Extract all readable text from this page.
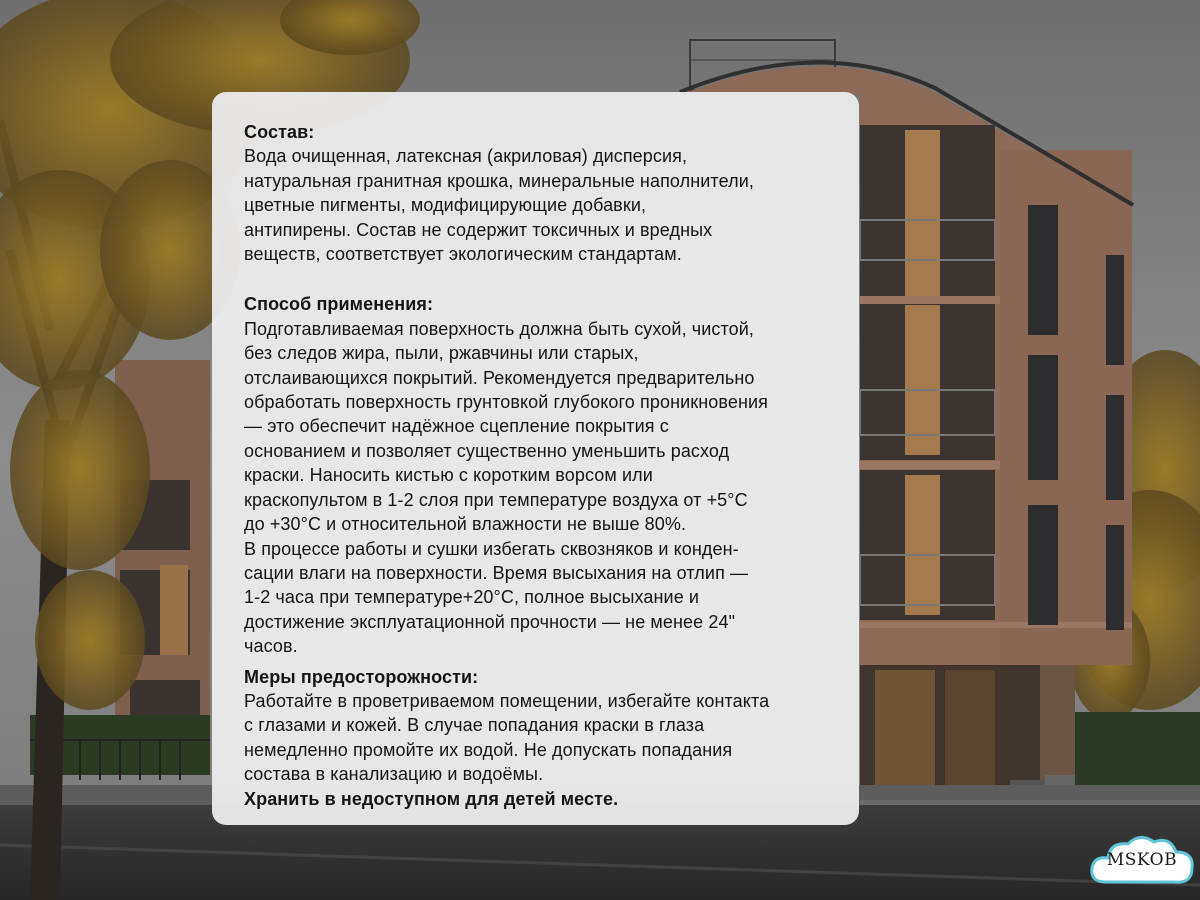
Состав:
Вода очищенная, латексная (акриловая) дисперсия,
натуральная гранитная крошка, минеральные наполнители,
цветные пигменты, модифицирующие добавки,
антипирены. Состав не содержит токсичных и вредных
веществ, соответствует экологическим стандартам.
Способ применения:
Подготавливаемая поверхность должна быть сухой, чистой,
без следов жира, пыли, ржавчины или старых,
отслаивающихся покрытий. Рекомендуется предварительно
обработать поверхность грунтовкой глубокого проникновения
— это обеспечит надёжное сцепление покрытия с
основанием и позволяет существенно уменьшить расход
краски. Наносить кистью с коротким ворсом или
краскопультом в 1-2 слоя при температуре воздуха от +5°C
до +30°C и относительной влажности не выше 80%.
В процессе работы и сушки избегать сквозняков и конден-
сации влаги на поверхности. Время высыхания на отлип —
1-2 часа при температуре+20°C, полное высыхание и
достижение эксплуатационной прочности — не менее 24"
часов.
Меры предосторожности:
Работайте в проветриваемом помещении, избегайте контакта
с глазами и кожей. В случае попадания краски в глаза
немедленно промойте их водой. Не допускать попадания
состава в канализацию и водоёмы.
Хранить в недоступном для детей месте.
MSKOB
